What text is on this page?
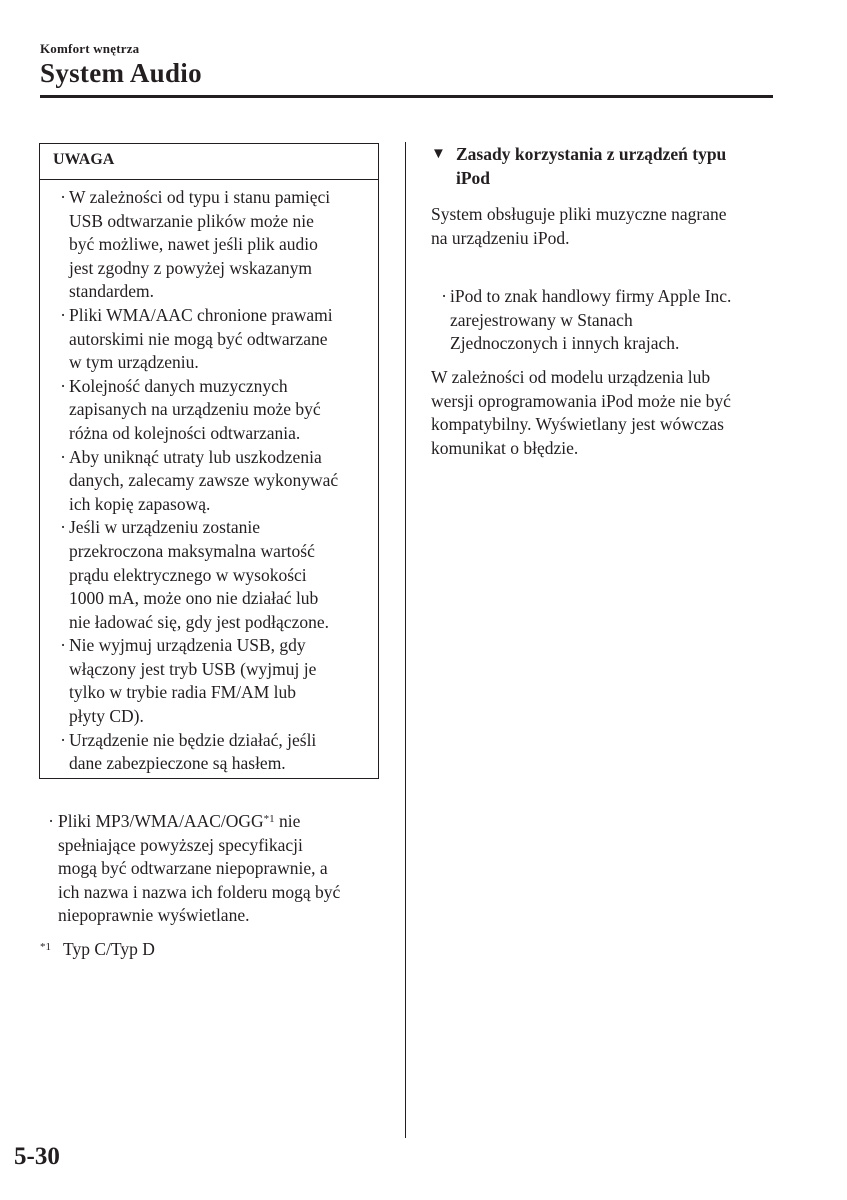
Komfort wnętrza
System Audio
UWAGA
· W zależności od typu i stanu pamięci
USB odtwarzanie plików może nie
być możliwe, nawet jeśli plik audio
jest zgodny z powyżej wskazanym
standardem.
· Pliki WMA/AAC chronione prawami
autorskimi nie mogą być odtwarzane
w tym urządzeniu.
· Kolejność danych muzycznych
zapisanych na urządzeniu może być
różna od kolejności odtwarzania.
· Aby uniknąć utraty lub uszkodzenia
danych, zalecamy zawsze wykonywać
ich kopię zapasową.
· Jeśli w urządzeniu zostanie
przekroczona maksymalna wartość
prądu elektrycznego w wysokości
1000 mA, może ono nie działać lub
nie ładować się, gdy jest podłączone.
· Nie wyjmuj urządzenia USB, gdy
włączony jest tryb USB (wyjmuj je
tylko w trybie radia FM/AM lub
płyty CD).
· Urządzenie nie będzie działać, jeśli
dane zabezpieczone są hasłem.
· Pliki MP3/WMA/AAC/OGG$^{*1}$ nie
spełniające powyższej specyfikacji
mogą być odtwarzane niepoprawnie, a
ich nazwa i nazwa ich folderu mogą być
niepoprawnie wyświetlane.
$^{*1}$ Typ C/Typ D
▼ Zasady korzystania z urządzeń typu
iPod
System obsługuje pliki muzyczne nagrane
na urządzeniu iPod.
· iPod to znak handlowy firmy Apple Inc.
zarejestrowany w Stanach
Zjednoczonych i innych krajach.
W zależności od modelu urządzenia lub
wersji oprogramowania iPod może nie być
kompatybilny. Wyświetlany jest wówczas
komunikat o błędzie.
5-30
